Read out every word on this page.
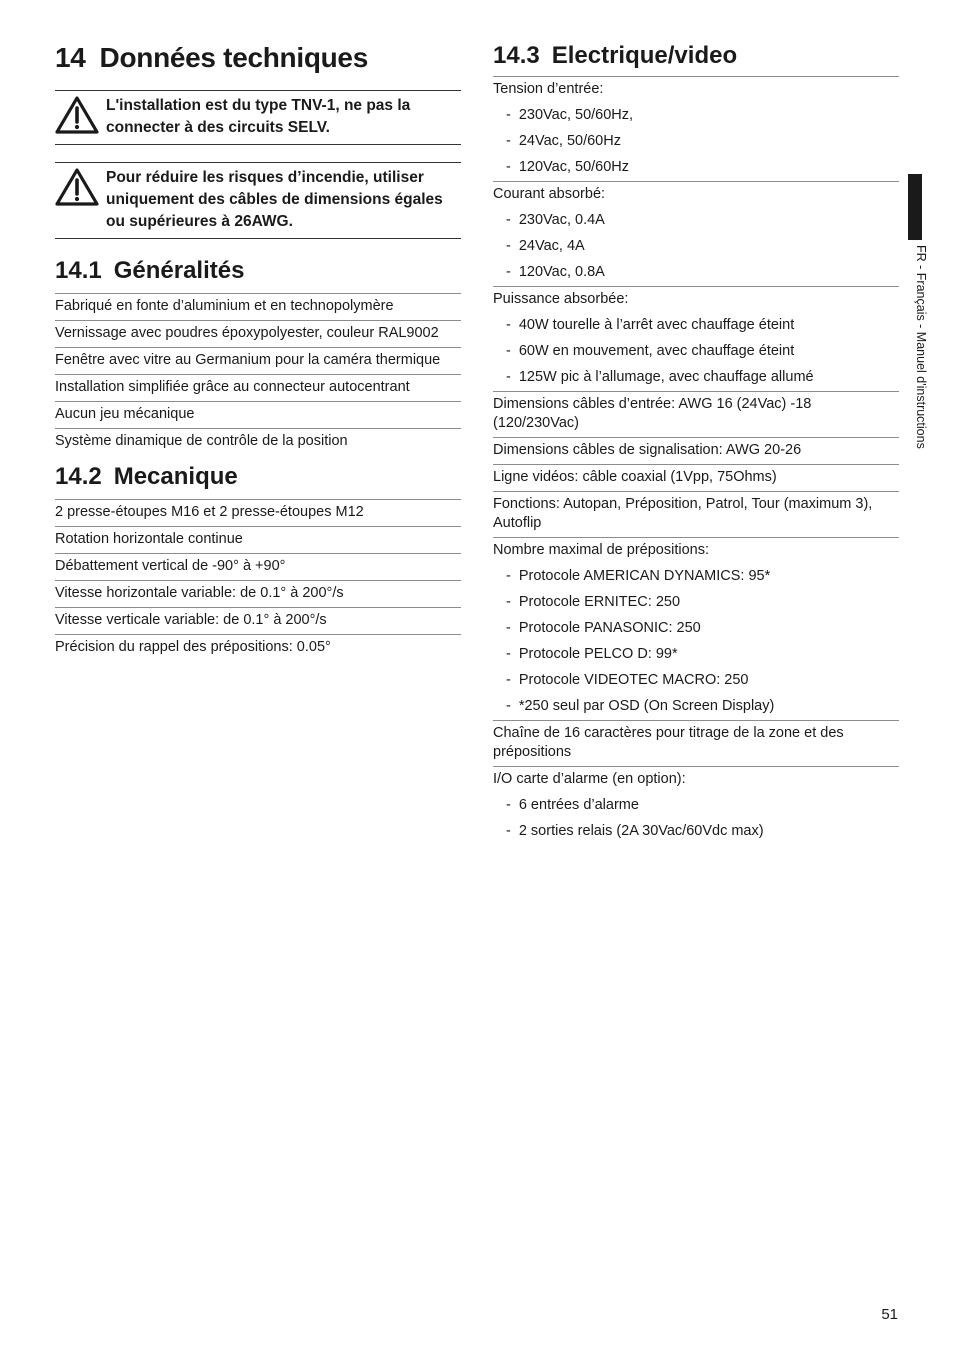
14 Données techniques
L'installation est du type TNV-1, ne pas la connecter à des circuits SELV.
Pour réduire les risques d’incendie, utiliser uniquement des câbles de dimensions égales ou supérieures à 26AWG.
14.1 Généralités
Fabriqué en fonte d’aluminium et en technopolymère
Vernissage avec poudres époxypolyester, couleur RAL9002
Fenêtre avec vitre au Germanium pour la caméra thermique
Installation simplifiée grâce au connecteur autocentrant
Aucun jeu mécanique
Système dinamique de contrôle de la position
14.2 Mecanique
2 presse-étoupes M16 et 2 presse-étoupes M12
Rotation horizontale continue
Débattement vertical de -90° à +90°
Vitesse horizontale variable: de 0.1° à 200°/s
Vitesse verticale variable: de 0.1° à 200°/s
Précision du rappel des prépositions: 0.05°
14.3 Electrique/video
Tension d’entrée:
- 230Vac, 50/60Hz,
- 24Vac, 50/60Hz
- 120Vac, 50/60Hz
Courant absorbé:
- 230Vac, 0.4A
- 24Vac, 4A
- 120Vac, 0.8A
Puissance absorbée:
- 40W tourelle à l’arrêt avec chauffage éteint
- 60W en mouvement, avec chauffage éteint
- 125W pic à l’allumage, avec chauffage allumé
Dimensions câbles d’entrée: AWG 16 (24Vac) -18 (120/230Vac)
Dimensions câbles de signalisation: AWG 20-26
Ligne vidéos: câble coaxial (1Vpp, 75Ohms)
Fonctions: Autopan, Préposition, Patrol, Tour (maximum 3), Autoflip
Nombre maximal de prépositions:
- Protocole AMERICAN DYNAMICS: 95*
- Protocole ERNITEC: 250
- Protocole PANASONIC: 250
- Protocole PELCO D: 99*
- Protocole VIDEOTEC MACRO: 250
- *250 seul par OSD (On Screen Display)
Chaîne de 16 caractères pour titrage de la zone et des prépositions
I/O carte d’alarme (en option):
- 6 entrées d’alarme
- 2 sorties relais (2A 30Vac/60Vdc max)
FR - Français - Manuel d'instructions
51
